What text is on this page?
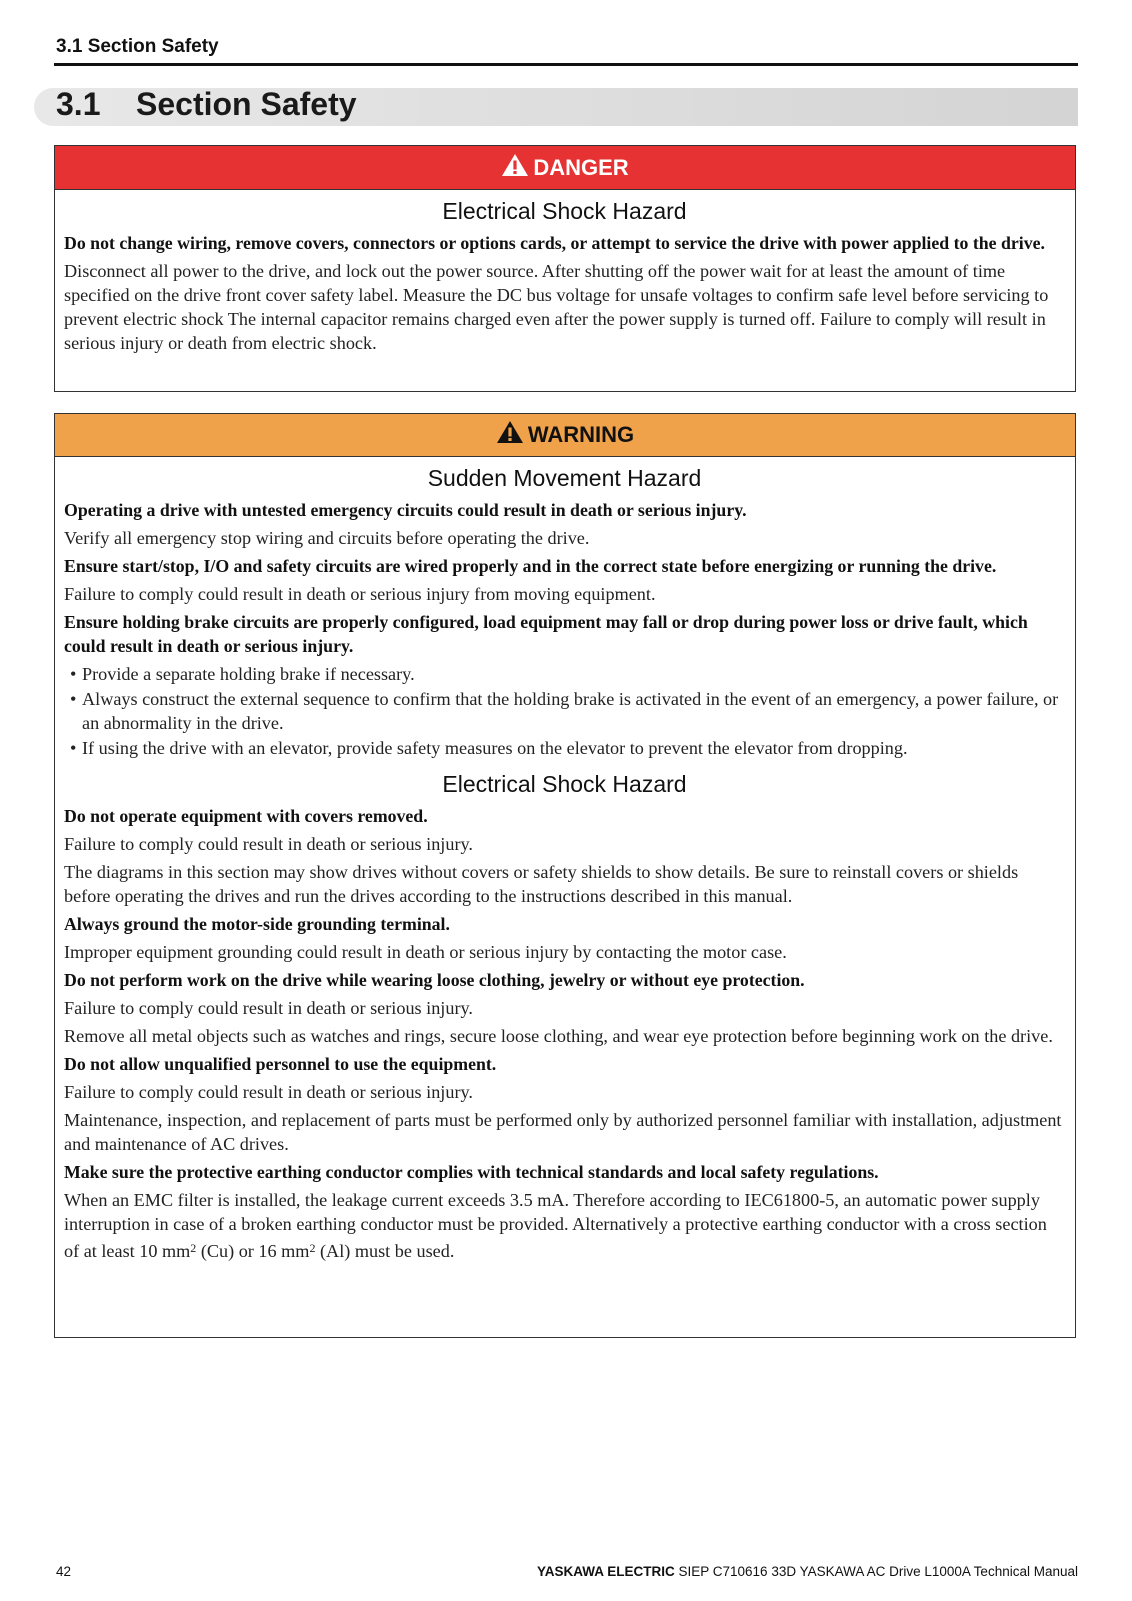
3.1 Section Safety
3.1 Section Safety
DANGER
Electrical Shock Hazard

Do not change wiring, remove covers, connectors or options cards, or attempt to service the drive with power applied to the drive.

Disconnect all power to the drive, and lock out the power source. After shutting off the power wait for at least the amount of time specified on the drive front cover safety label. Measure the DC bus voltage for unsafe voltages to confirm safe level before servicing to prevent electric shock The internal capacitor remains charged even after the power supply is turned off. Failure to comply will result in serious injury or death from electric shock.

WARNING
Sudden Movement Hazard

Operating a drive with untested emergency circuits could result in death or serious injury.

Verify all emergency stop wiring and circuits before operating the drive.

Ensure start/stop, I/O and safety circuits are wired properly and in the correct state before energizing or running the drive.

Failure to comply could result in death or serious injury from moving equipment.

Ensure holding brake circuits are properly configured, load equipment may fall or drop during power loss or drive fault, which could result in death or serious injury.

• Provide a separate holding brake if necessary.
• Always construct the external sequence to confirm that the holding brake is activated in the event of an emergency, a power failure, or an abnormality in the drive.
• If using the drive with an elevator, provide safety measures on the elevator to prevent the elevator from dropping.
Electrical Shock Hazard

Do not operate equipment with covers removed.

Failure to comply could result in death or serious injury.

The diagrams in this section may show drives without covers or safety shields to show details. Be sure to reinstall covers or shields before operating the drives and run the drives according to the instructions described in this manual.

Always ground the motor-side grounding terminal.

Improper equipment grounding could result in death or serious injury by contacting the motor case.

Do not perform work on the drive while wearing loose clothing, jewelry or without eye protection.

Failure to comply could result in death or serious injury.

Remove all metal objects such as watches and rings, secure loose clothing, and wear eye protection before beginning work on the drive.

Do not allow unqualified personnel to use the equipment.

Failure to comply could result in death or serious injury.

Maintenance, inspection, and replacement of parts must be performed only by authorized personnel familiar with installation, adjustment and maintenance of AC drives.

Make sure the protective earthing conductor complies with technical standards and local safety regulations.

When an EMC filter is installed, the leakage current exceeds 3.5 mA. Therefore according to IEC61800-5, an automatic power supply interruption in case of a broken earthing conductor must be provided. Alternatively a protective earthing conductor with a cross section of at least 10 $mm^2$ (Cu) or 16 $mm^2$ (Al) must be used.

42	YASKAWA ELECTRIC SIEP C710616 33D YASKAWA AC Drive L1000A Technical Manual
